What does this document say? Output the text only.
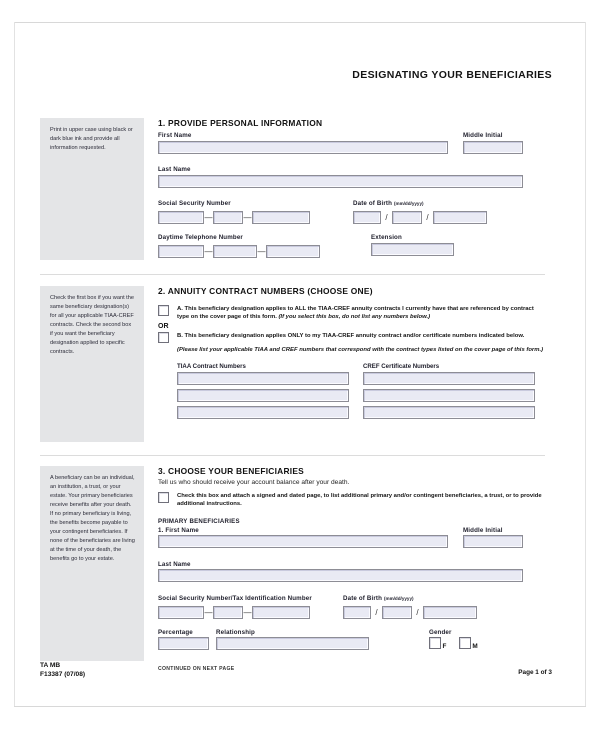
DESIGNATING YOUR BENEFICIARIES

Print in upper case using black or dark blue ink and provide all information requested.

1. PROVIDE PERSONAL INFORMATION
First Name	Middle Initial
Last Name
Social Security Number
—	—
Date of Birth (mm/dd/yyyy)
/	/
Daytime Telephone Number
—	—
Extension

Check the first box if you want the same beneficiary designation(s) for all your applicable TIAA-CREF contracts. Check the second box if you want the beneficiary designation applied to specific contracts.

2. ANNUITY CONTRACT NUMBERS (CHOOSE ONE)
A. This beneficiary designation applies to ALL the TIAA-CREF annuity contracts I currently have that are referenced by contract type on the cover page of this form. (If you select this box, do not list any numbers below.)
OR
B. This beneficiary designation applies ONLY to my TIAA-CREF annuity contract and/or certificate numbers indicated below.
(Please list your applicable TIAA and CREF numbers that correspond with the contract types listed on the cover page of this form.)
TIAA Contract Numbers	CREF Certificate Numbers

A beneficiary can be an individual, an institution, a trust, or your estate. Your primary beneficiaries receive benefits after your death. If no primary beneficiary is living, the benefits become payable to your contingent beneficiaries. If none of the beneficiaries are living at the time of your death, the benefits go to your estate.

3. CHOOSE YOUR BENEFICIARIES
Tell us who should receive your account balance after your death.
Check this box and attach a signed and dated page, to list additional primary and/or contingent beneficiaries, a trust, or to provide additional instructions.
PRIMARY BENEFICIARIES
1. First Name	Middle Initial
Last Name
Social Security Number/Tax Identification Number
—	—
Date of Birth (mm/dd/yyyy)
/	/
Percentage	Relationship	Gender
F	M
CONTINUED ON NEXT PAGE
TA MB
F13387 (07/08)	Page 1 of 3
